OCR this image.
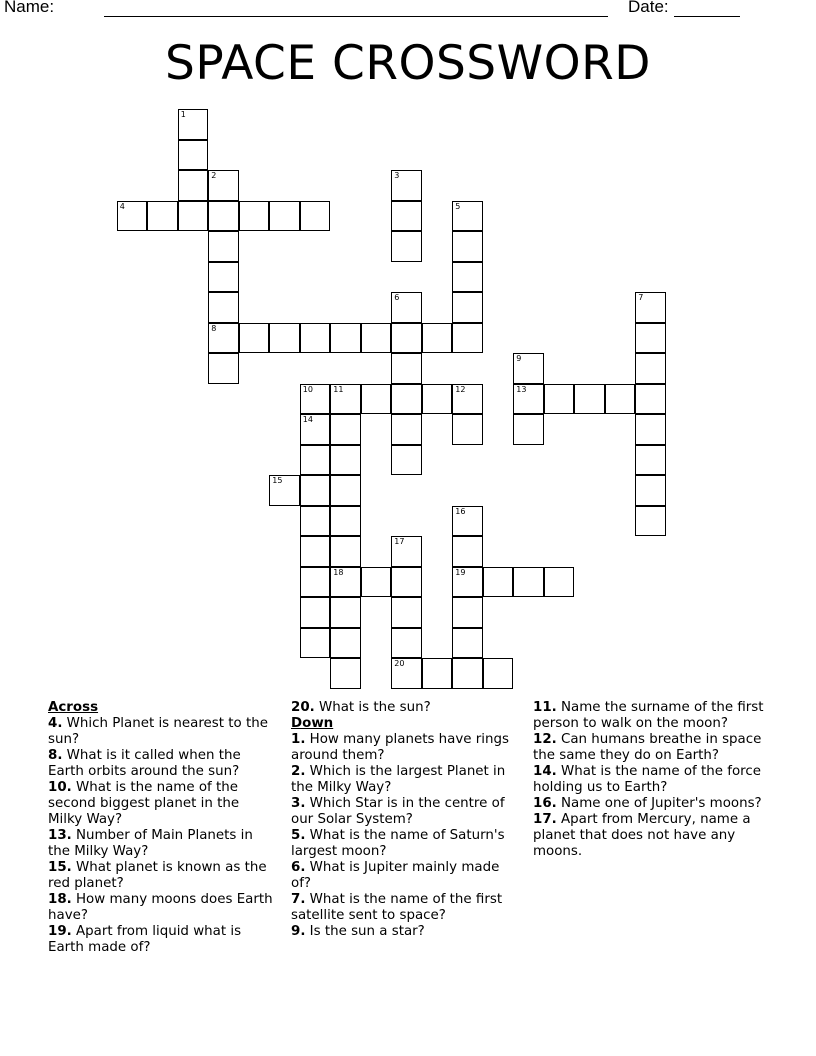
Name:	Date:
SPACE CROSSWORD
1
2
4
3
5
6	7
8
9
13
10	11	12
14
15
16
19
17
20
18
Across

4. Which Planet is nearest to the sun?

8. What is it called when the Earth orbits around the sun?

10. What is the name of the second biggest planet in the Milky Way?

13. Number of Main Planets in the Milky Way?

15. What planet is known as the red planet?

18. How many moons does Earth have?

19. Apart from liquid what is Earth made of?

20. What is the sun?

Down

1. How many planets have rings around them?

2. Which is the largest Planet in the Milky Way?

3. Which Star is in the centre of our Solar System?

5. What is the name of Saturn's largest moon?

6. What is Jupiter mainly made of?

7. What is the name of the first satellite sent to space?

9. Is the sun a star?

11. Name the surname of the first person to walk on the moon?

12. Can humans breathe in space the same they do on Earth?

14. What is the name of the force holding us to Earth?

16. Name one of Jupiter's moons?

17. Apart from Mercury, name a planet that does not have any moons.
